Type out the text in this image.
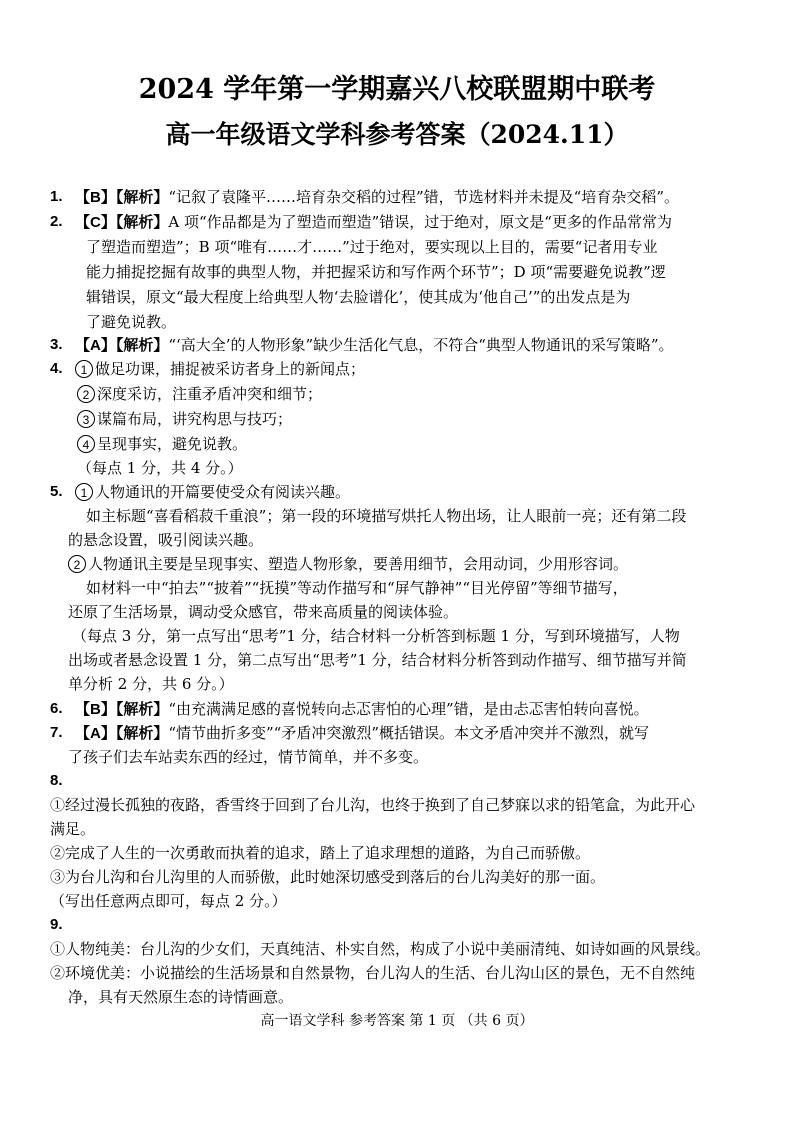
2024 学年第一学期嘉兴八校联盟期中联考
高一年级语文学科参考答案（2024.11）
1. 【B】【解析】“记叙了袁隆平……培育杂交稻的过程”错，节选材料并未提及“培育杂交稻”。
2. 【C】【解析】A 项“作品都是为了塑造而塑造”错误，过于绝对，原文是“更多的作品常常为
了塑造而塑造”；B 项“唯有……才……”过于绝对，要实现以上目的，需要“记者用专业
能力捕捉挖掘有故事的典型人物，并把握采访和写作两个环节”；D 项“需要避免说教”逻
辑错误，原文“最大程度上给典型人物‘去脸谱化’，使其成为‘他自己’”的出发点是为
了避免说教。
3. 【A】【解析】“‘高大全’的人物形象”缺少生活化气息，不符合“典型人物通讯的采写策略”。
4.	1 做足功课，捕捉被采访者身上的新闻点；
2 深度采访，注重矛盾冲突和细节；
3 谋篇布局，讲究构思与技巧；
4 呈现事实，避免说教。
（每点 1 分，共 4 分。）
5.	1 人物通讯的开篇要使受众有阅读兴趣。
如主标题“喜看稻菽千重浪”；第一段的环境描写烘托人物出场，让人眼前一亮；还有第二段
的悬念设置，吸引阅读兴趣。
2 人物通讯主要是呈现事实、塑造人物形象，要善用细节，会用动词，少用形容词。
如材料一中“拍去”“披着”“抚摸”等动作描写和“屏气静神”“目光停留”等细节描写，
还原了生活场景，调动受众感官，带来高质量的阅读体验。
（每点 3 分，第一点写出“思考”1 分，结合材料一分析答到标题 1 分，写到环境描写，人物
出场或者悬念设置 1 分，第二点写出“思考”1 分，结合材料分析答到动作描写、细节描写并简
单分析 2 分，共 6 分。）
6. 【B】【解析】“由充满满足感的喜悦转向忐忑害怕的心理”错，是由忐忑害怕转向喜悦。
7. 【A】【解析】“情节曲折多变”“矛盾冲突激烈”概括错误。本文矛盾冲突并不激烈，就写
了孩子们去车站卖东西的经过，情节简单，并不多变。
8.
①经过漫长孤独的夜路，香雪终于回到了台儿沟，也终于换到了自己梦寐以求的铅笔盒，为此开心
满足。
②完成了人生的一次勇敢而执着的追求，踏上了追求理想的道路，为自己而骄傲。
③为台儿沟和台儿沟里的人而骄傲，此时她深切感受到落后的台儿沟美好的那一面。
（写出任意两点即可，每点 2 分。）
9.
①人物纯美：台儿沟的少女们，天真纯洁、朴实自然，构成了小说中美丽清纯、如诗如画的风景线。
②环境优美：小说描绘的生活场景和自然景物，台儿沟人的生活、台儿沟山区的景色，无不自然纯
净，具有天然原生态的诗情画意。
高一语文学科 参考答案 第 1 页 （共 6 页）
